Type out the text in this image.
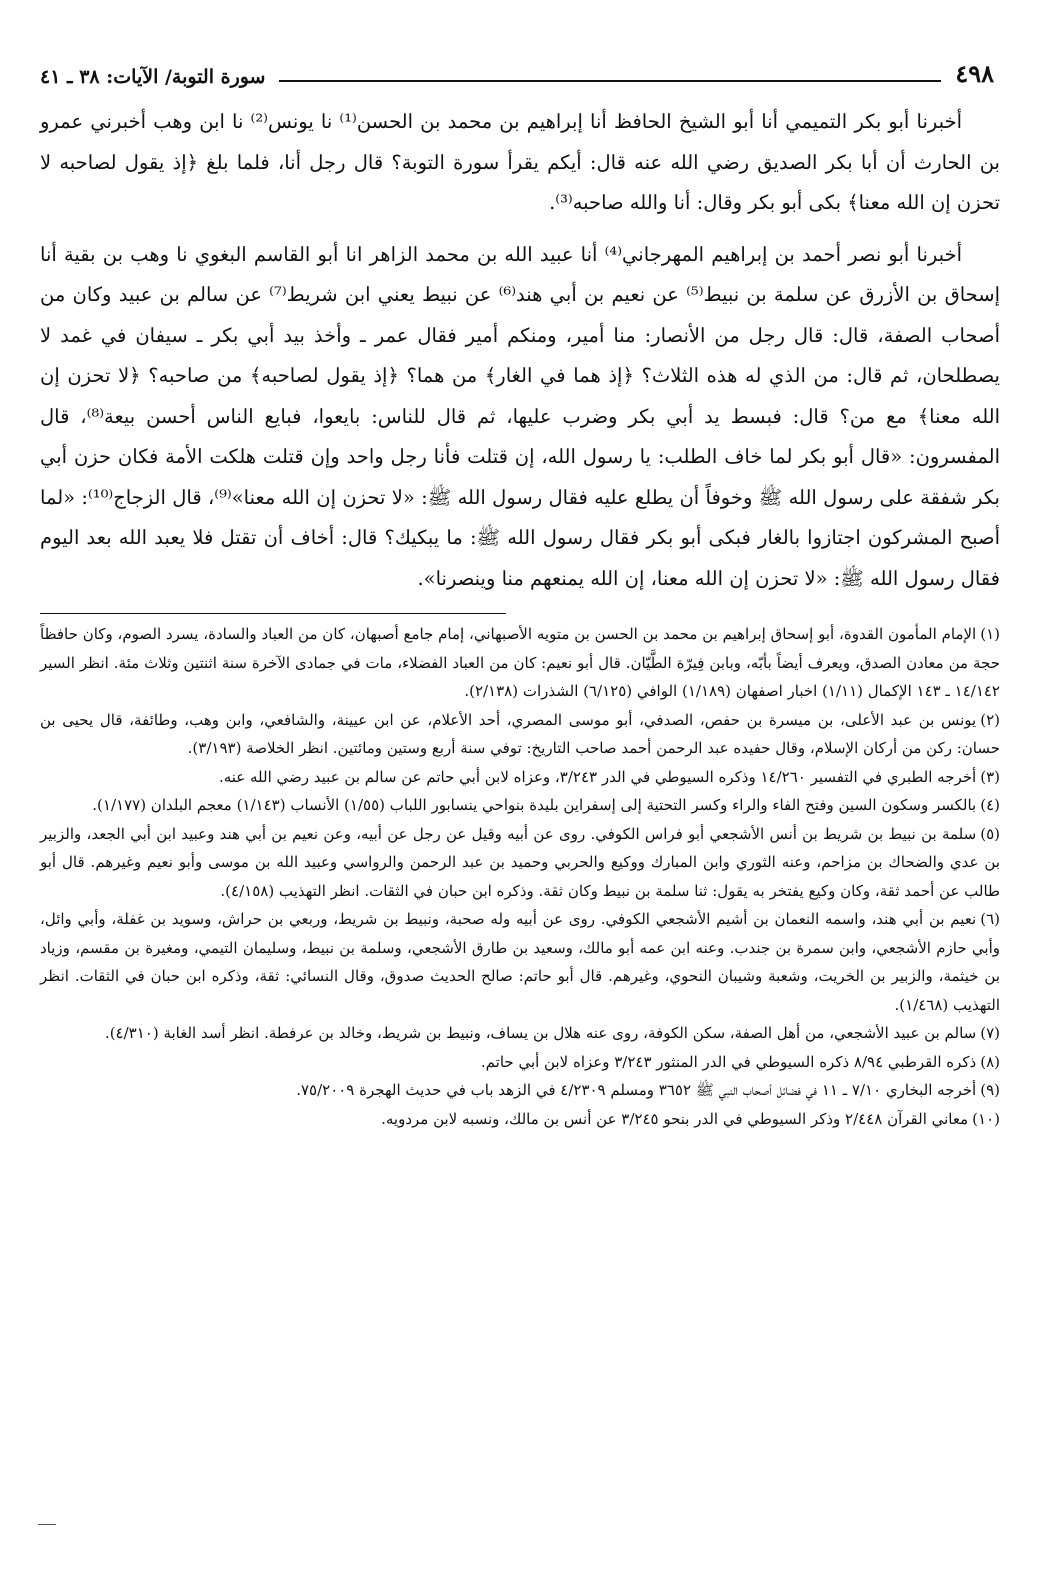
٤٩٨
سورة التوبة/ الآيات: ٣٨ ـ ٤١

أخبرنا أبو بكر التميمي أنا أبو الشيخ الحافظ أنا إبراهيم بن محمد بن الحسن⁽¹⁾ نا يونس⁽²⁾ نا ابن وهب أخبرني عمرو بن الحارث أن أبا بكر الصديق رضي الله عنه قال: أيكم يقرأ سورة التوبة؟ قال رجل أنا، فلما بلغ ﴿إذ يقول لصاحبه لا تحزن إن الله معنا﴾ بكى أبو بكر وقال: أنا والله صاحبه⁽³⁾.

أخبرنا أبو نصر أحمد بن إبراهيم المهرجاني⁽⁴⁾ أنا عبيد الله بن محمد الزاهر انا أبو القاسم البغوي نا وهب بن بقية أنا إسحاق بن الأزرق عن سلمة بن نبيط⁽⁵⁾ عن نعيم بن أبي هند⁽⁶⁾ عن نبيط يعني ابن شريط⁽⁷⁾ عن سالم بن عبيد وكان من أصحاب الصفة، قال: قال رجل من الأنصار: منا أمير، ومنكم أمير فقال عمر ـ وأخذ بيد أبي بكر ـ سيفان في غمد لا يصطلحان، ثم قال: من الذي له هذه الثلاث؟ ﴿إذ هما في الغار﴾ من هما؟ ﴿إذ يقول لصاحبه﴾ من صاحبه؟ ﴿لا تحزن إن الله معنا﴾ مع من؟ قال: فبسط يد أبي بكر وضرب عليها، ثم قال للناس: بايعوا، فبايع الناس أحسن بيعة⁽⁸⁾، قال المفسرون: «قال أبو بكر لما خاف الطلب: يا رسول الله، إن قتلت فأنا رجل واحد وإن قتلت هلكت الأمة فكان حزن أبي بكر شفقة على رسول الله ﷺ وخوفاً أن يطلع عليه فقال رسول الله ﷺ: «لا تحزن إن الله معنا»⁽⁹⁾، قال الزجاج⁽¹⁰⁾: «لما أصبح المشركون اجتازوا بالغار فبكى أبو بكر فقال رسول الله ﷺ: ما يبكيك؟ قال: أخاف أن تقتل فلا يعبد الله بعد اليوم فقال رسول الله ﷺ: «لا تحزن إن الله معنا، إن الله يمنعهم منا وينصرنا».

(١)الإمام المأمون القدوة، أبو إسحاق إبراهيم بن محمد بن الحسن بن متويه الأصبهاني، إمام جامع أصبهان، كان من العباد والسادة، يسرد الصوم، وكان حافظاً حجة من معادن الصدق، ويعرف أيضاً بأبّه، وبابن فِيرّة الطَّيّان. قال أبو نعيم: كان من العباد الفضلاء، مات في جمادى الآخرة سنة اثنتين وثلاث مئة. انظر السير ١٤/١٤٢ ـ ١٤٣ الإكمال (١/١١) اخبار اصفهان (١/١٨٩) الوافي (٦/١٢٥) الشذرات (٢/١٣٨).

(٢)يونس بن عبد الأعلى، بن ميسرة بن حفص، الصدفي، أبو موسى المصري، أحد الأعلام، عن ابن عيينة، والشافعي، وابن وهب، وطائفة، قال يحيى بن حسان: ركن من أركان الإسلام، وقال حفيده عبد الرحمن أحمد صاحب التاريخ: توفي سنة أربع وستين ومائتين. انظر الخلاصة (٣/١٩٣).

(٣)أخرجه الطبري في التفسير ١٤/٢٦٠ وذكره السيوطي في الدر ٣/٢٤٣، وعزاه لابن أبي حاتم عن سالم بن عبيد رضي الله عنه.

(٤)بالكسر وسكون السين وفتح الفاء والراء وكسر التحتية إلى إسفراين بليدة بنواحي ينسابور اللباب (١/٥٥) الأنساب (١/١٤٣) معجم البلدان (١/١٧٧).

(٥)سلمة بن نبيط بن شريط بن أنس الأشجعي أبو فراس الكوفي. روى عن أبيه وقيل عن رجل عن أبيه، وعن نعيم بن أبي هند وعبيد ابن أبي الجعد، والزبير بن عدي والضحاك بن مزاحم، وعنه الثوري وابن المبارك ووكيع والحربي وحميد بن عبد الرحمن والرواسي وعبيد الله بن موسى وأبو نعيم وغيرهم. قال أبو طالب عن أحمد ثقة، وكان وكيع يفتخر به يقول: ثنا سلمة بن نبيط وكان ثقة. وذكره ابن حبان في الثقات. انظر التهذيب (٤/١٥٨).

(٦)نعيم بن أبي هند، واسمه النعمان بن أشيم الأشجعي الكوفي. روى عن أبيه وله صحبة، ونبيط بن شريط، وربعي بن حراش، وسويد بن غفلة، وأبي وائل، وأبي حازم الأشجعي، وابن سمرة بن جندب. وعنه ابن عمه أبو مالك، وسعيد بن طارق الأشجعي، وسلمة بن نبيط، وسليمان التيمي، ومغيرة بن مقسم، وزياد بن خيثمة، والزبير بن الخريت، وشعبة وشيبان النحوي، وغيرهم. قال أبو حاتم: صالح الحديث صدوق، وقال النسائي: ثقة، وذكره ابن حبان في الثقات. انظر التهذيب (١/٤٦٨).

(٧)سالم بن عبيد الأشجعي، من أهل الصفة، سكن الكوفة، روى عنه هلال بن يساف، ونبيط بن شريط، وخالد بن عرفطة. انظر أسد الغابة (٤/٣١٠).

(٨)ذكره القرطبي ٨/٩٤ ذكره السيوطي في الدر المنثور ٣/٢٤٣ وعزاه لابن أبي حاتم.

(٩)أخرجه البخاري ٧/١٠ ـ ١١ في فضائل أصحاب النبي ﷺ ٣٦٥٢ ومسلم ٤/٢٣٠٩ في الزهد باب في حديث الهجرة ٧٥/٢٠٠٩.

(١٠)معاني القرآن ٢/٤٤٨ وذكر السيوطي في الدر بنحو ٣/٢٤٥ عن أنس بن مالك، ونسبه لابن مردويه.
